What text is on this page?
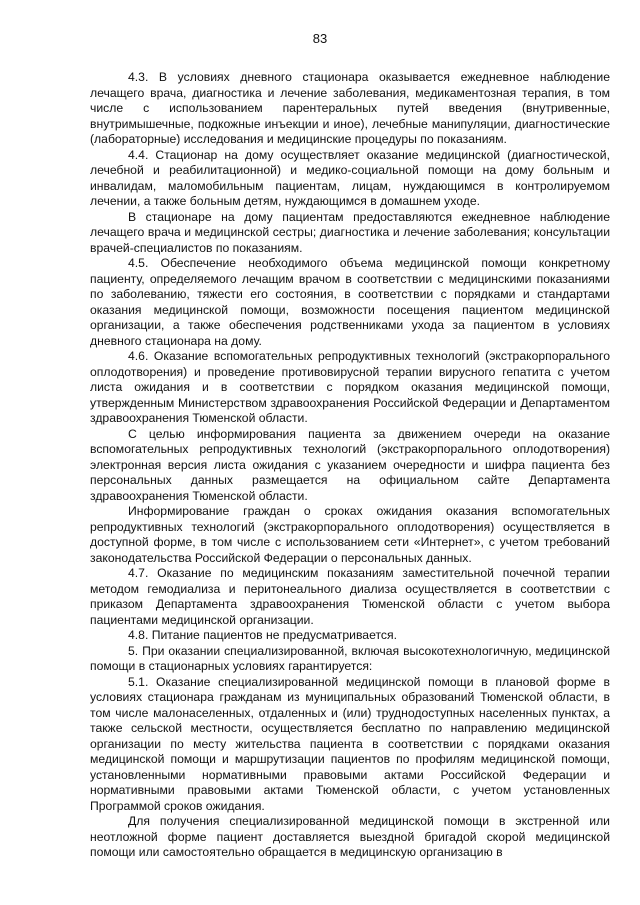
83

4.3. В условиях дневного стационара оказывается ежедневное наблюдение лечащего врача, диагностика и лечение заболевания, медикаментозная терапия, в том числе с использованием парентеральных путей введения (внутривенные, внутримышечные, подкожные инъекции и иное), лечебные манипуляции, диагностические (лабораторные) исследования и медицинские процедуры по показаниям.

4.4. Стационар на дому осуществляет оказание медицинской (диагностической, лечебной и реабилитационной) и медико-социальной помощи на дому больным и инвалидам, маломобильным пациентам, лицам, нуждающимся в контролируемом лечении, а также больным детям, нуждающимся в домашнем уходе.

В стационаре на дому пациентам предоставляются ежедневное наблюдение лечащего врача и медицинской сестры; диагностика и лечение заболевания; консультации врачей-специалистов по показаниям.

4.5. Обеспечение необходимого объема медицинской помощи конкретному пациенту, определяемого лечащим врачом в соответствии с медицинскими показаниями по заболеванию, тяжести его состояния, в соответствии с порядками и стандартами оказания медицинской помощи, возможности посещения пациентом медицинской организации, а также обеспечения родственниками ухода за пациентом в условиях дневного стационара на дому.

4.6. Оказание вспомогательных репродуктивных технологий (экстракорпорального оплодотворения) и проведение противовирусной терапии вирусного гепатита с учетом листа ожидания и в соответствии с порядком оказания медицинской помощи, утвержденным Министерством здравоохранения Российской Федерации и Департаментом здравоохранения Тюменской области.

С целью информирования пациента за движением очереди на оказание вспомогательных репродуктивных технологий (экстракорпорального оплодотворения) электронная версия листа ожидания с указанием очередности и шифра пациента без персональных данных размещается на официальном сайте Департамента здравоохранения Тюменской области.

Информирование граждан о сроках ожидания оказания вспомогательных репродуктивных технологий (экстракорпорального оплодотворения) осуществляется в доступной форме, в том числе с использованием сети «Интернет», с учетом требований законодательства Российской Федерации о персональных данных.

4.7. Оказание по медицинским показаниям заместительной почечной терапии методом гемодиализа и перитонеального диализа осуществляется в соответствии с приказом Департамента здравоохранения Тюменской области с учетом выбора пациентами медицинской организации.

4.8. Питание пациентов не предусматривается.

5. При оказании специализированной, включая высокотехнологичную, медицинской помощи в стационарных условиях гарантируется:

5.1. Оказание специализированной медицинской помощи в плановой форме в условиях стационара гражданам из муниципальных образований Тюменской области, в том числе малонаселенных, отдаленных и (или) труднодоступных населенных пунктах, а также сельской местности, осуществляется бесплатно по направлению медицинской организации по месту жительства пациента в соответствии с порядками оказания медицинской помощи и маршрутизации пациентов по профилям медицинской помощи, установленными нормативными правовыми актами Российской Федерации и нормативными правовыми актами Тюменской области, с учетом установленных Программой сроков ожидания.

Для получения специализированной медицинской помощи в экстренной или неотложной форме пациент доставляется выездной бригадой скорой медицинской помощи или самостоятельно обращается в медицинскую организацию в
